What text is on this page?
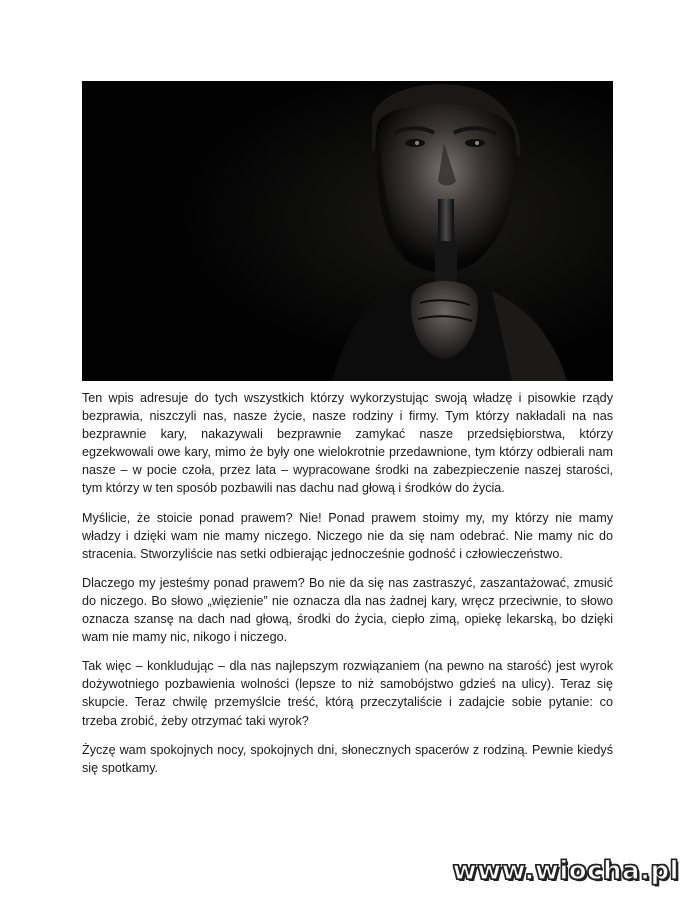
Ten wpis adresuje do tych wszystkich którzy wykorzystując swoją władzę i pisowkie rządy bezprawia, niszczyli nas, nasze życie, nasze rodziny i firmy. Tym którzy nakładali na nas bezprawnie kary, nakazywali bezprawnie zamykać nasze przedsiębiorstwa, którzy egzekwowali owe kary, mimo że były one wielokrotnie przedawnione, tym którzy odbierali nam nasze – w pocie czoła, przez lata – wypracowane środki na zabezpieczenie naszej starości, tym którzy w ten sposób pozbawili nas dachu nad głową i środków do życia.

Myślicie, że stoicie ponad prawem? Nie! Ponad prawem stoimy my, my którzy nie mamy władzy i dzięki wam nie mamy niczego. Niczego nie da się nam odebrać. Nie mamy nic do stracenia. Stworzyliście nas setki odbierając jednocześnie godność i człowieczeństwo.

Dlaczego my jesteśmy ponad prawem? Bo nie da się nas zastraszyć, zaszantażować, zmusić do niczego. Bo słowo „więzienie” nie oznacza dla nas żadnej kary, wręcz przeciwnie, to słowo oznacza szansę na dach nad głową, środki do życia, ciepło zimą, opiekę lekarską, bo dzięki wam nie mamy nic, nikogo i niczego.

Tak więc – konkludując – dla nas najlepszym rozwiązaniem (na pewno na starość) jest wyrok dożywotniego pozbawienia wolności (lepsze to niż samobójstwo gdzieś na ulicy). Teraz się skupcie. Teraz chwilę przemyślcie treść, którą przeczytaliście i zadajcie sobie pytanie: co trzeba zrobić, żeby otrzymać taki wyrok?

Życzę wam spokojnych nocy, spokojnych dni, słonecznych spacerów z rodziną. Pewnie kiedyś się spotkamy.

www.wiocha.pl
